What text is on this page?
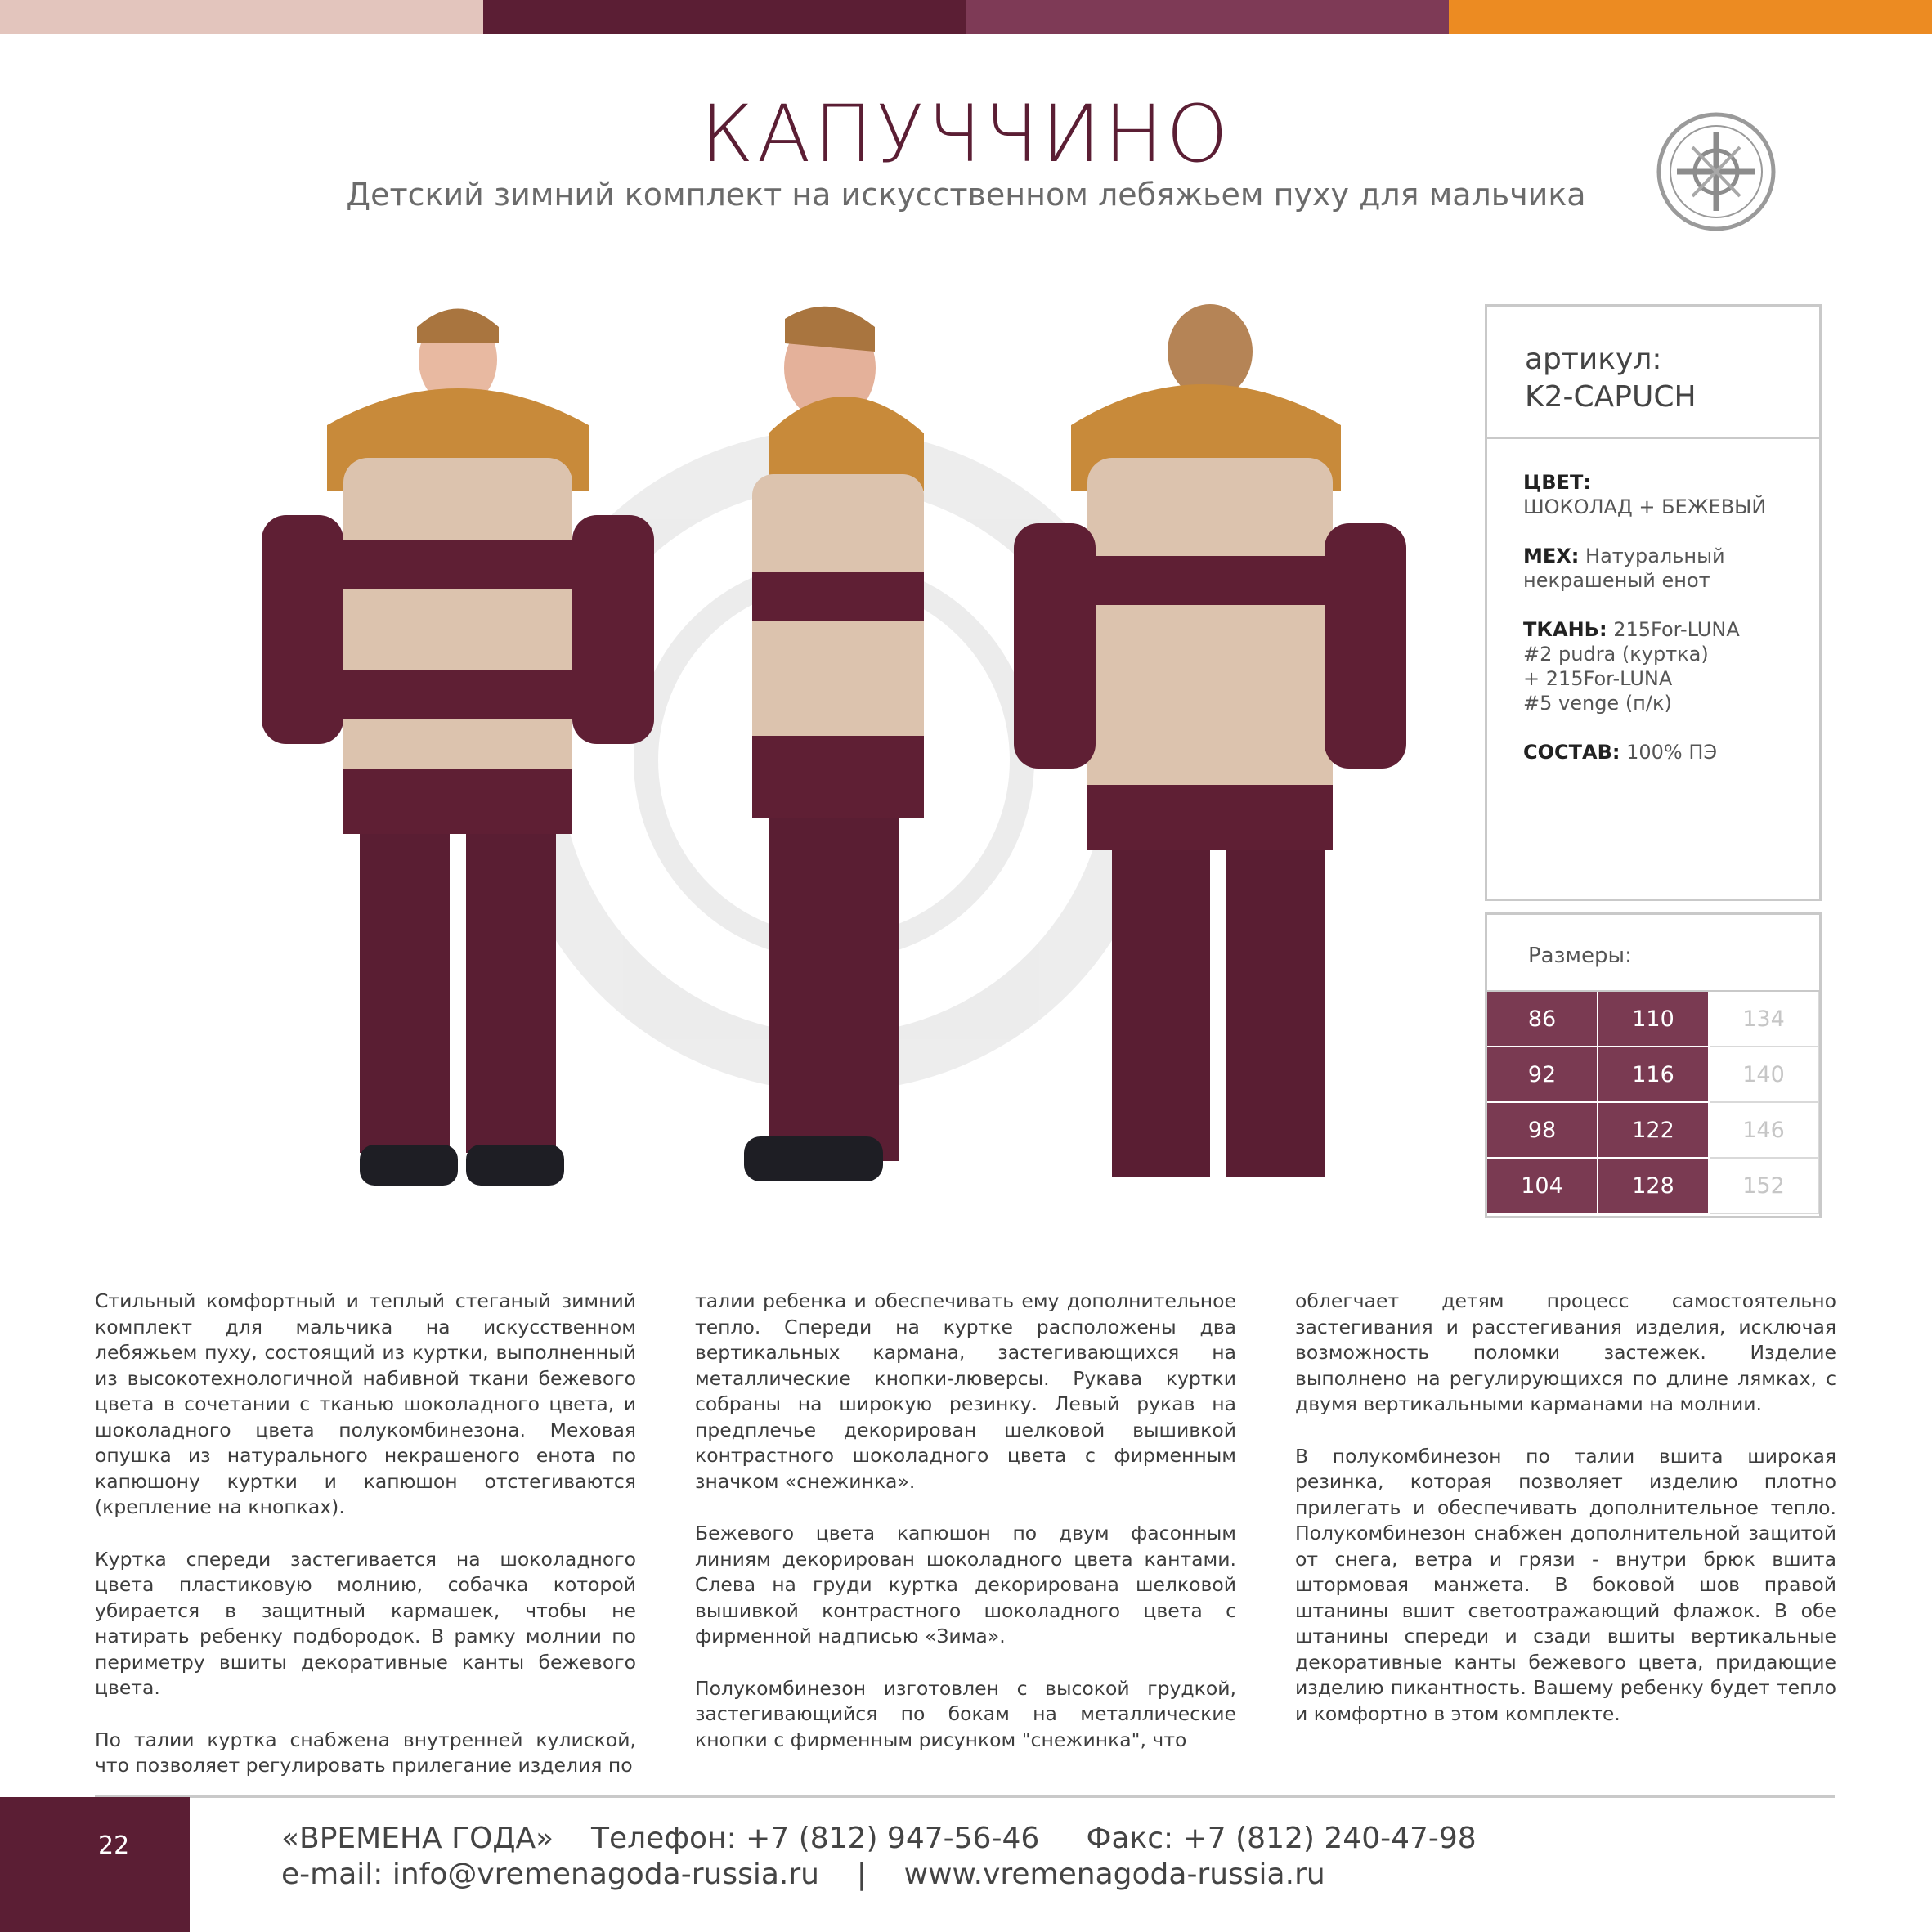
КАПУЧЧИНО
Детский зимний комплект на искусственном лебяжьем пуху для мальчика
артикул:
K2-CAPUCH

ЦВЕТ:
ШОКОЛАД + БЕЖЕВЫЙ

МЕХ: Натуральный
некрашеный енот

ТКАНЬ: 215For-LUNA
#2 pudra (куртка)
+ 215For-LUNA
#5 venge (п/к)

СОСТАВ: 100% ПЭ

Размеры:
86	110	134
92	116	140
98	122	146
104	128	152

Стильный комфортный и теплый стеганый зимний комплект для мальчика на искусственном лебяжьем пуху, состоящий из куртки, выполненный из высокотехнологичной набивной ткани бежевого цвета в сочетании с тканью шоколадного цвета, и шоколадного цвета полукомбинезона. Меховая опушка из натурального некрашеного енота по капюшону куртки и капюшон отстегиваются (крепление на кнопках).

Куртка спереди застегивается на шоколадного цвета пластиковую молнию, собачка которой убирается в защитный кармашек, чтобы не натирать ребенку подбородок. В рамку молнии по периметру вшиты декоративные канты бежевого цвета.

По талии куртка снабжена внутренней кулиской, что позволяет регулировать прилегание изделия по

талии ребенка и обеспечивать ему дополнительное тепло. Спереди на куртке расположены два вертикальных кармана, застегивающихся на металлические кнопки-люверсы. Рукава куртки собраны на широкую резинку. Левый рукав на предплечье декорирован шелковой вышивкой контрастного шоколадного цвета с фирменным значком «снежинка».

Бежевого цвета капюшон по двум фасонным линиям декорирован шоколадного цвета кантами. Слева на груди куртка декорирована шелковой вышивкой контрастного шоколадного цвета с фирменной надписью «Зима».

Полукомбинезон изготовлен с высокой грудкой, застегивающийся по бокам на металлические кнопки с фирменным рисунком "снежинка", что

облегчает детям процесс самостоятельно застегивания и расстегивания изделия, исключая возможность поломки застежек. Изделие выполнено на регулирующихся по длине лямках, с двумя вертикальными карманами на молнии.

В полукомбинезон по талии вшита широкая резинка, которая позволяет изделию плотно прилегать и обеспечивать дополнительное тепло. Полукомбинезон снабжен дополнительной защитой от снега, ветра и грязи - внутри брюк вшита штормовая манжета. В боковой шов правой штанины вшит светоотражающий флажок. В обе штанины спереди и сзади вшиты вертикальные декоративные канты бежевого цвета, придающие изделию пикантность. Вашему ребенку будет тепло и комфортно в этом комплекте.

22	«ВРЕМЕНА ГОДА»    Телефон: +7 (812) 947-56-46     Факс: +7 (812) 240-47-98
e-mail: info@vremenagoda-russia.ru    |    www.vremenagoda-russia.ru
